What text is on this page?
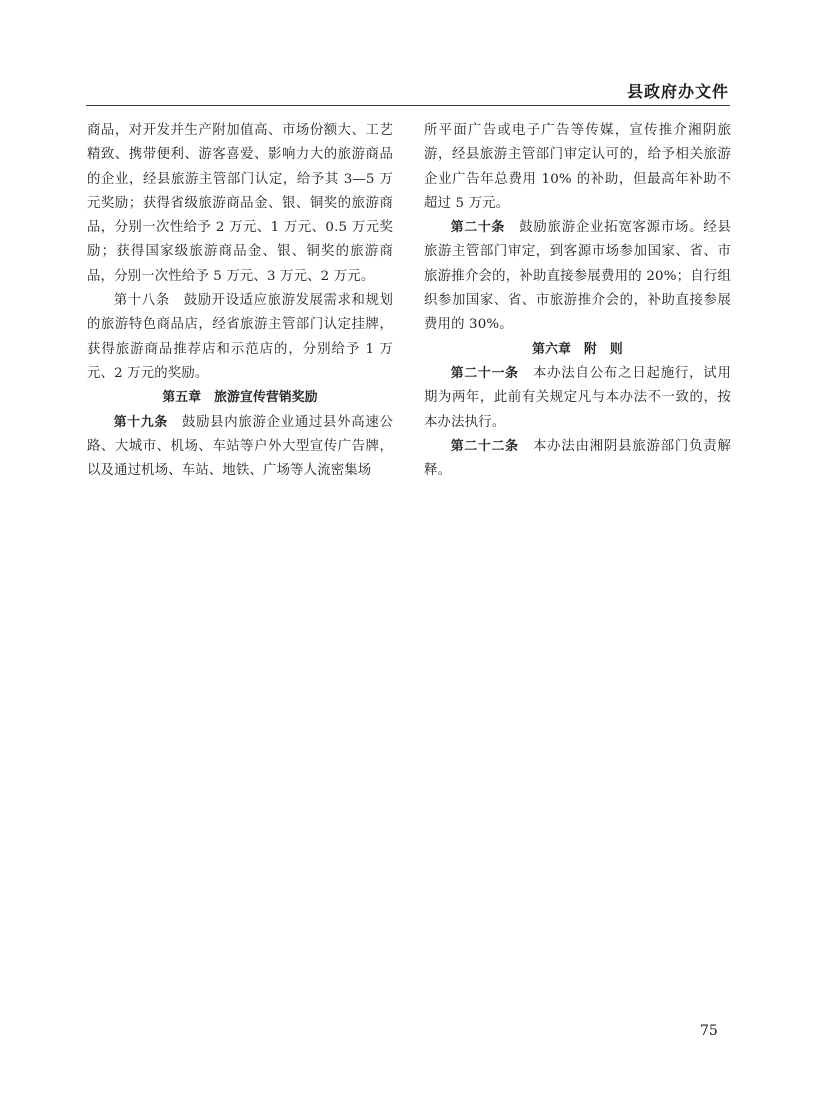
县政府办文件

商品，对开发并生产附加值高、市场份额大、工艺精致、携带便利、游客喜爱、影响力大的旅游商品的企业，经县旅游主管部门认定，给予其 3—5 万元奖励；获得省级旅游商品金、银、铜奖的旅游商品，分别一次性给予 2 万元、1 万元、0.5 万元奖励；获得国家级旅游商品金、银、铜奖的旅游商品，分别一次性给予 5 万元、3 万元、2 万元。

第十八条　 鼓励开设适应旅游发展需求和规划的旅游特色商品店，经省旅游主管部门认定挂牌，获得旅游商品推荐店和示范店的，分别给予 1 万元、2 万元的奖励。

第五章　旅游宣传营销奖励

第十九条　 鼓励县内旅游企业通过县外高速公路、大城市、机场、车站等户外大型宣传广告牌，以及通过机场、车站、地铁、广场等人流密集场

所平面广告或电子广告等传媒，宣传推介湘阴旅游，经县旅游主管部门审定认可的，给予相关旅游企业广告年总费用 10% 的补助，但最高年补助不超过 5 万元。

第二十条　 鼓励旅游企业拓宽客源市场。经县旅游主管部门审定，到客源市场参加国家、省、市旅游推介会的，补助直接参展费用的 20%；自行组织参加国家、省、市旅游推介会的，补助直接参展费用的 30%。

第六章　附　则

第二十一条　 本办法自公布之日起施行，试用期为两年，此前有关规定凡与本办法不一致的，按本办法执行。

第二十二条　 本办法由湘阴县旅游部门负责解释。

75
